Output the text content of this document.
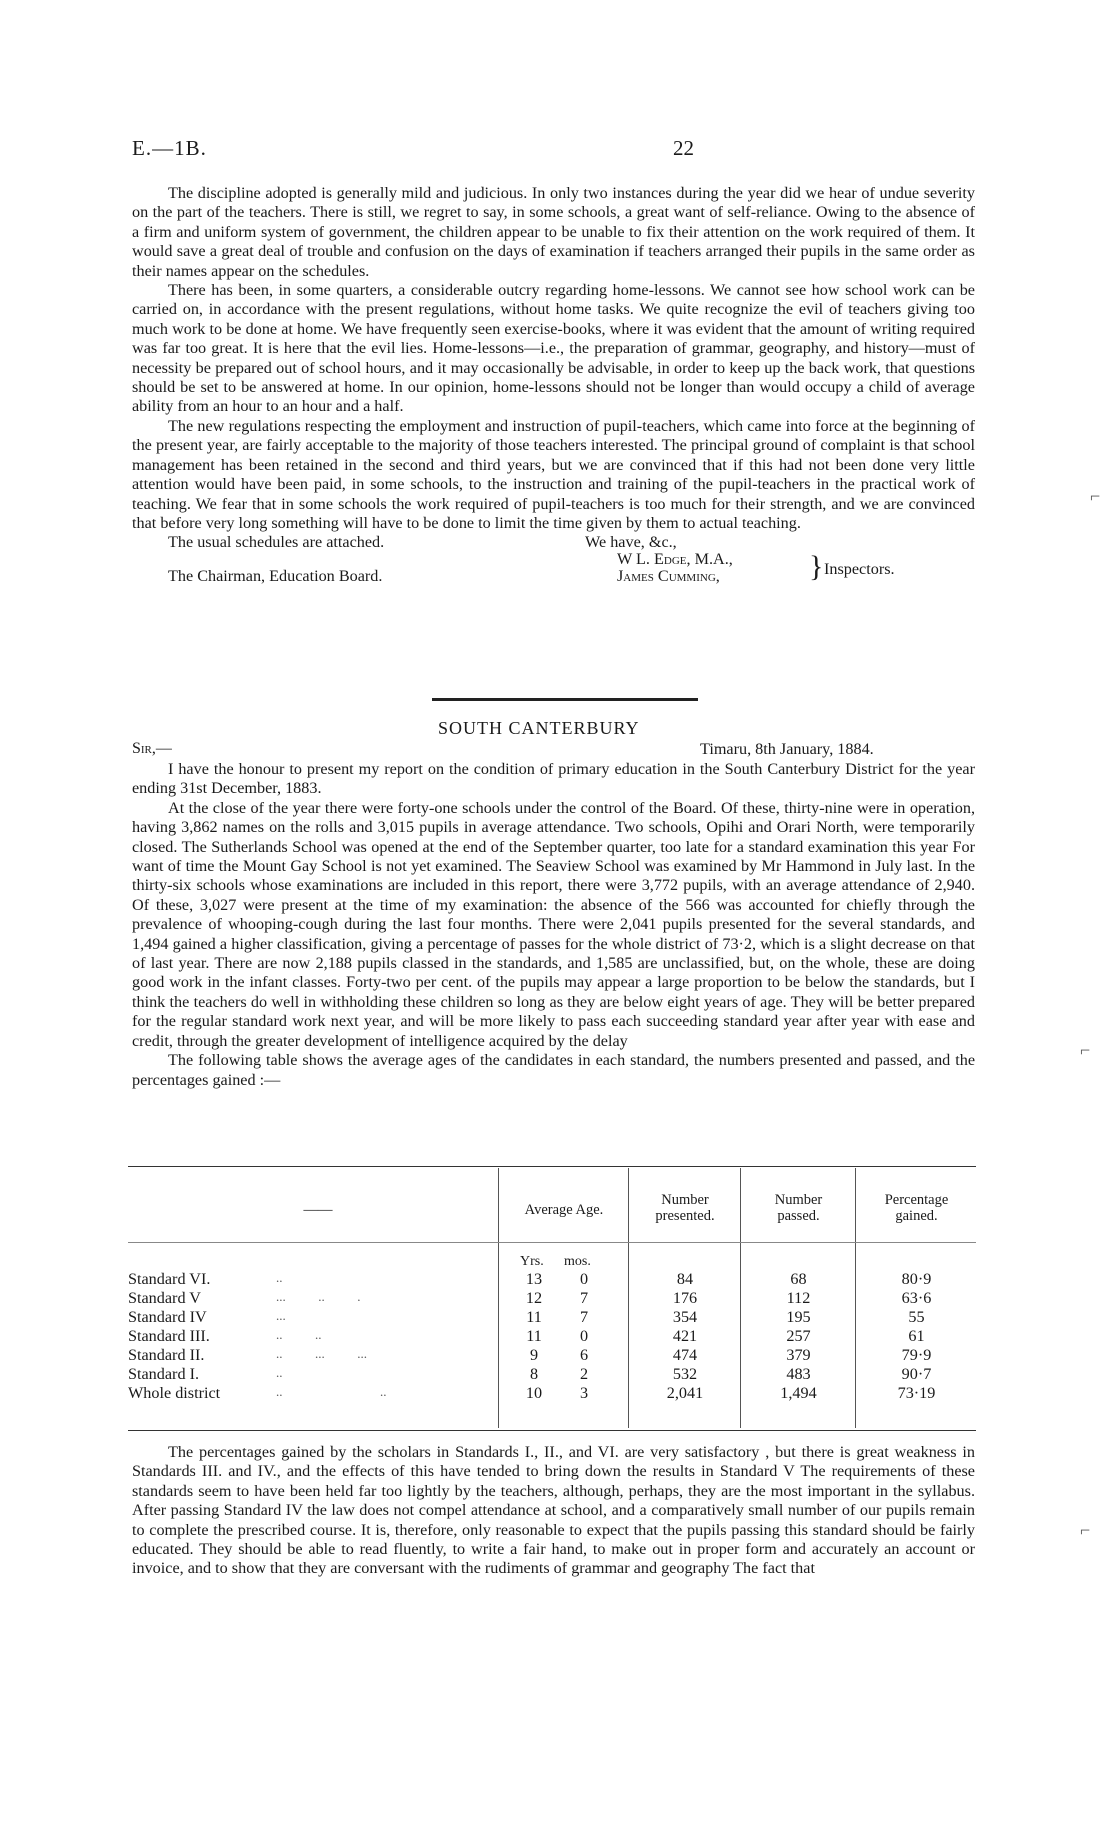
E.—1B.	22

The discipline adopted is generally mild and judicious. In only two instances during the year did we hear of undue severity on the part of the teachers. There is still, we regret to say, in some schools, a great want of self-reliance. Owing to the absence of a firm and uniform system of government, the children appear to be unable to fix their attention on the work required of them. It would save a great deal of trouble and confusion on the days of examination if teachers arranged their pupils in the same order as their names appear on the schedules.

There has been, in some quarters, a considerable outcry regarding home-lessons. We cannot see how school work can be carried on, in accordance with the present regulations, without home tasks. We quite recognize the evil of teachers giving too much work to be done at home. We have frequently seen exercise-books, where it was evident that the amount of writing required was far too great. It is here that the evil lies. Home-lessons—i.e., the preparation of grammar, geography, and history—must of necessity be prepared out of school hours, and it may occasionally be advisable, in order to keep up the back work, that questions should be set to be answered at home. In our opinion, home-lessons should not be longer than would occupy a child of average ability from an hour to an hour and a half.

The new regulations respecting the employment and instruction of pupil-teachers, which came into force at the beginning of the present year, are fairly acceptable to the majority of those teachers interested. The principal ground of complaint is that school management has been retained in the second and third years, but we are convinced that if this had not been done very little attention would have been paid, in some schools, to the instruction and training of the pupil-teachers in the practical work of teaching. We fear that in some schools the work required of pupil-teachers is too much for their strength, and we are convinced that before very long something will have to be done to limit the time given by them to actual teaching.

The usual schedules are attached.	We have, &c.,
The Chairman, Education Board.
W L. Edge, M.A.,
James Cumming,	} Inspectors.
SOUTH CANTERBURY
Sir,—	Timaru, 8th January, 1884.

I have the honour to present my report on the condition of primary education in the South Canterbury District for the year ending 31st December, 1883.

At the close of the year there were forty-one schools under the control of the Board. Of these, thirty-nine were in operation, having 3,862 names on the rolls and 3,015 pupils in average attendance. Two schools, Opihi and Orari North, were temporarily closed. The Sutherlands School was opened at the end of the September quarter, too late for a standard examination this year For want of time the Mount Gay School is not yet examined. The Seaview School was examined by Mr Hammond in July last. In the thirty-six schools whose examinations are included in this report, there were 3,772 pupils, with an average attendance of 2,940. Of these, 3,027 were present at the time of my examination: the absence of the 566 was accounted for chiefly through the prevalence of whooping-cough during the last four months. There were 2,041 pupils presented for the several standards, and 1,494 gained a higher classification, giving a percentage of passes for the whole district of 73·2, which is a slight decrease on that of last year. There are now 2,188 pupils classed in the standards, and 1,585 are unclassified, but, on the whole, these are doing good work in the infant classes. Forty-two per cent. of the pupils may appear a large proportion to be below the standards, but I think the teachers do well in withholding these children so long as they are below eight years of age. They will be better prepared for the regular standard work next year, and will be more likely to pass each succeeding standard year after year with ease and credit, through the greater development of intelligence acquired by the delay

The following table shows the average ages of the candidates in each standard, the numbers presented and passed, and the percentages gained :—

——	Average Age.
Number
presented.
Number
passed.
Percentage
gained.
Yrs. mos.
Standard VI.	..	13	0	84	68	80·9
Standard V	...          ..          .	12	7	176	112	63·6
Standard IV	...	11	7	354	195	55
Standard III.	..          ..	11	0	421	257	61
Standard II.	..          ...          ...	9	6	474	379	79·9
Standard I.	..	8	2	532	483	90·7
Whole district	..                              ..	10	3	2,041	1,494	73·19

The percentages gained by the scholars in Standards I., II., and VI. are very satisfactory , but there is great weakness in Standards III. and IV., and the effects of this have tended to bring down the results in Standard V The requirements of these standards seem to have been held far too lightly by the teachers, although, perhaps, they are the most important in the syllabus. After passing Standard IV the law does not compel attendance at school, and a comparatively small number of our pupils remain to complete the prescribed course. It is, therefore, only reasonable to expect that the pupils passing this standard should be fairly educated. They should be able to read fluently, to write a fair hand, to make out in proper form and accurately an account or invoice, and to show that they are conversant with the rudiments of grammar and geography The fact that

⌐
⌐
⌐
